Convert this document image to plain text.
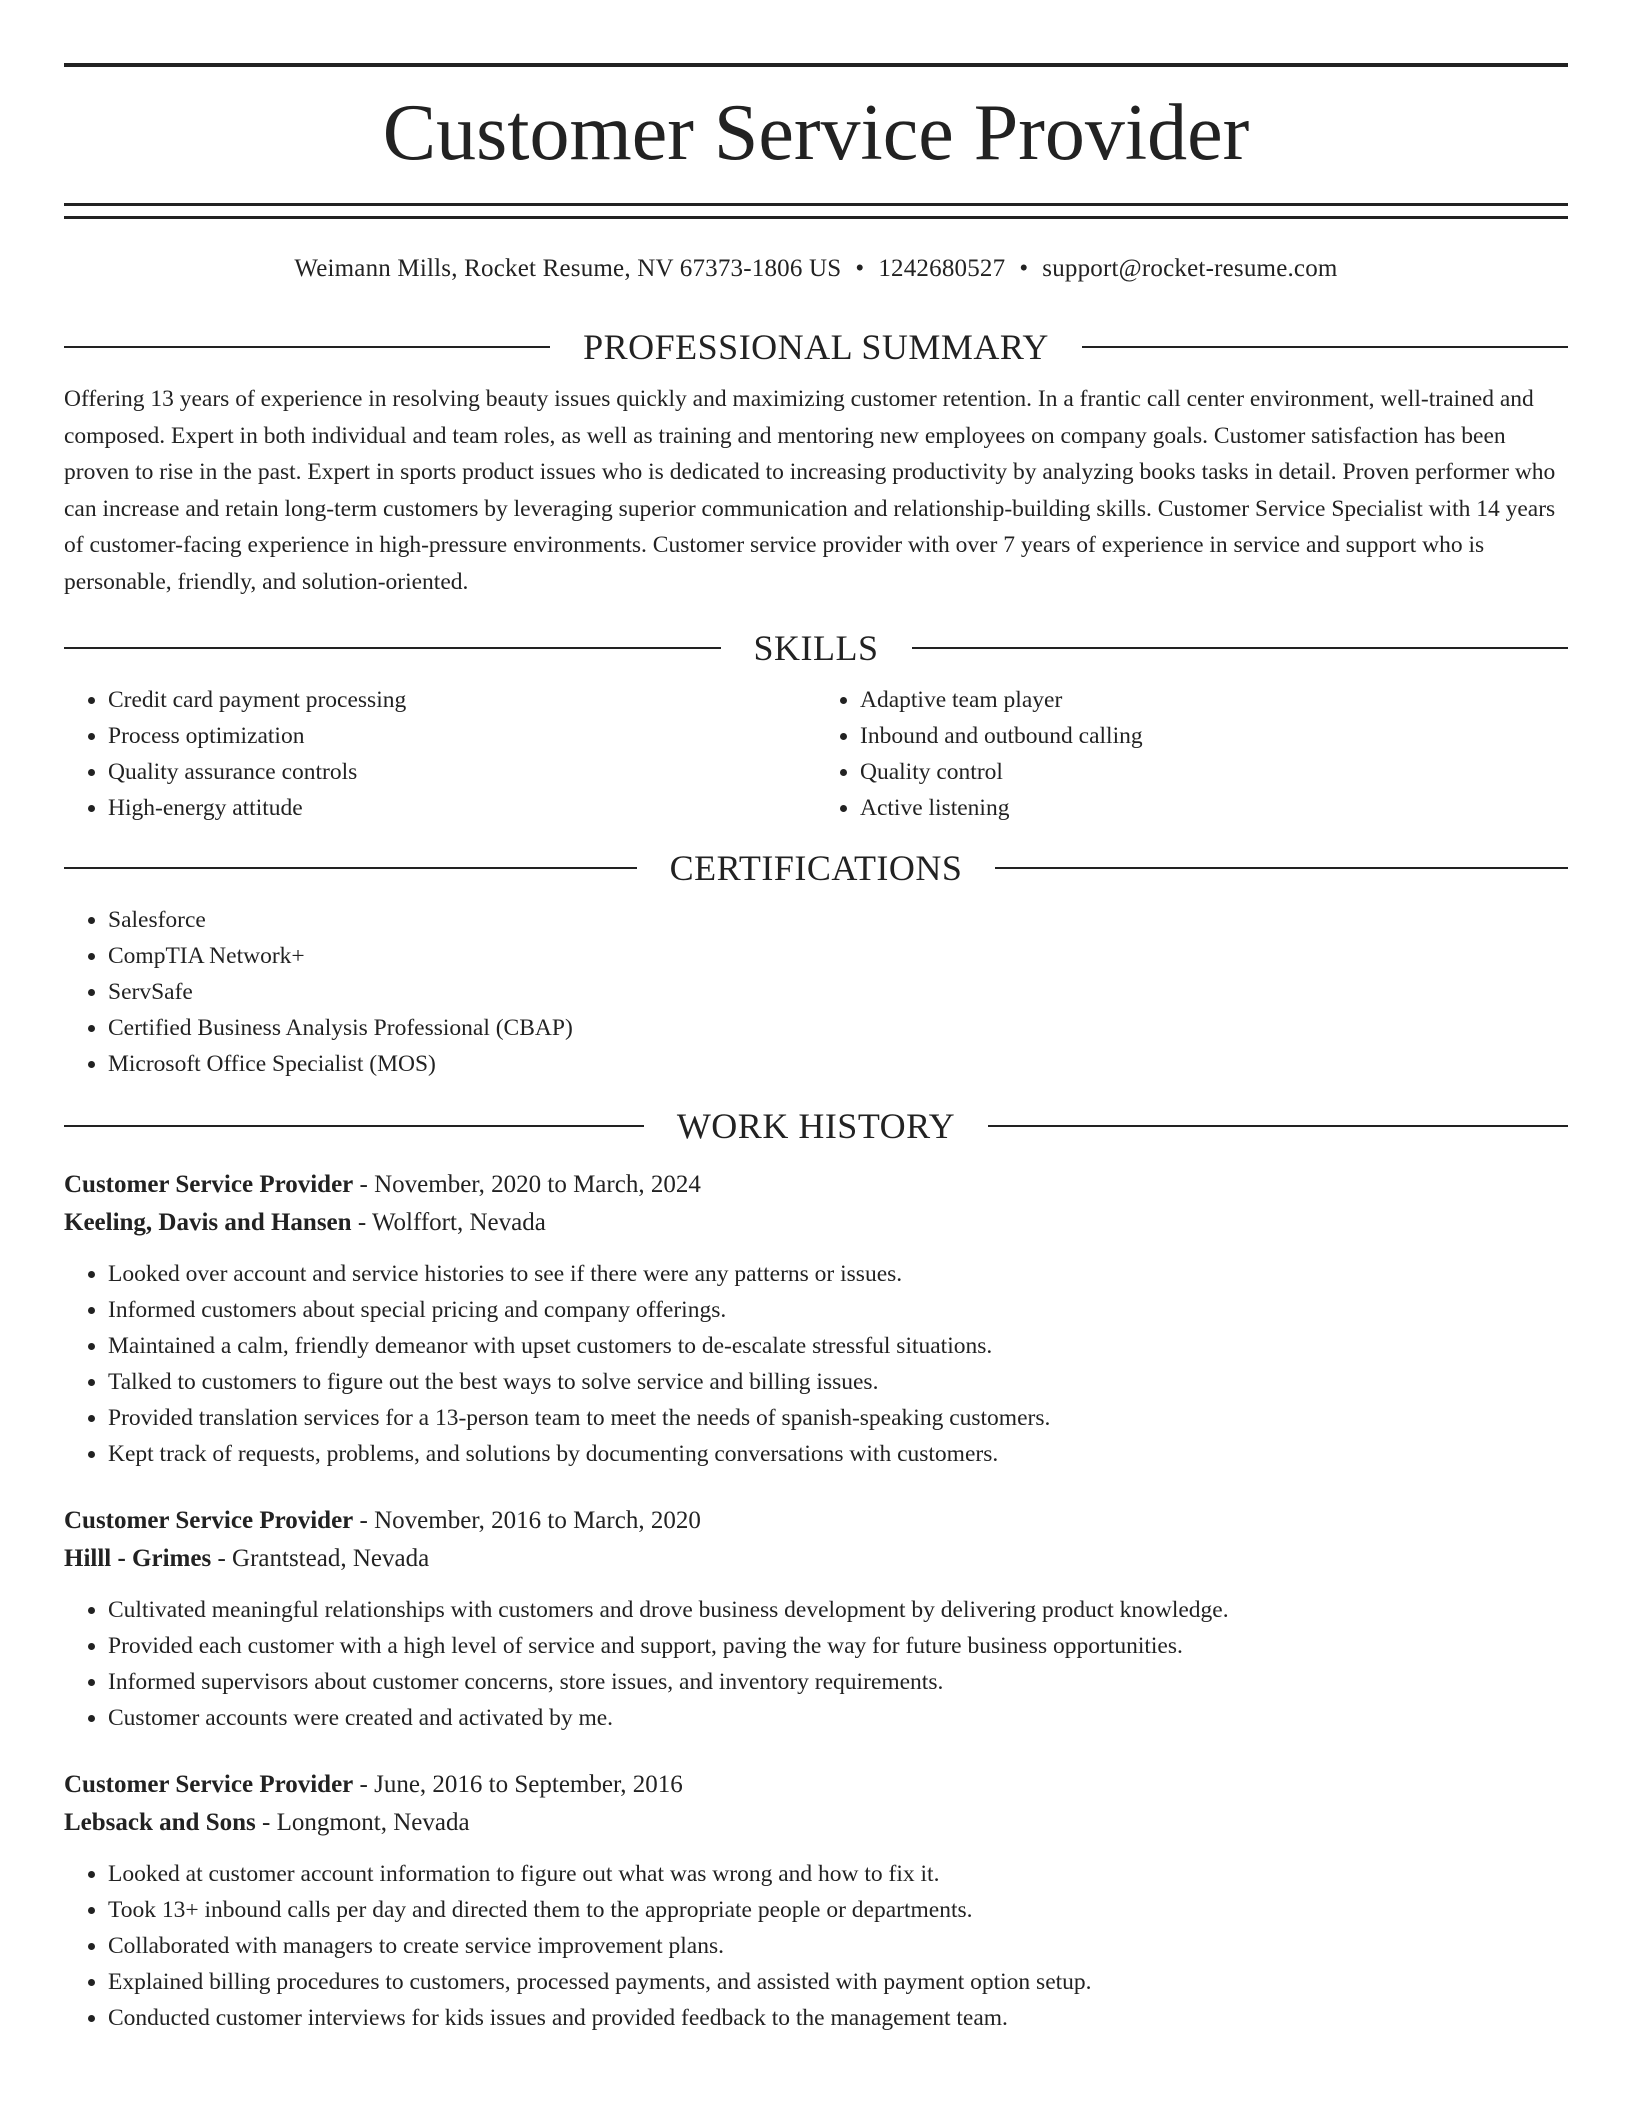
Customer Service Provider
Weimann Mills, Rocket Resume, NV 67373-1806 US • 1242680527 • support@rocket-resume.com
PROFESSIONAL SUMMARY

Offering 13 years of experience in resolving beauty issues quickly and maximizing customer retention. In a frantic call center environment, well-trained and composed. Expert in both individual and team roles, as well as training and mentoring new employees on company goals. Customer satisfaction has been proven to rise in the past. Expert in sports product issues who is dedicated to increasing productivity by analyzing books tasks in detail. Proven performer who can increase and retain long-term customers by leveraging superior communication and relationship-building skills. Customer Service Specialist with 14 years of customer-facing experience in high-pressure environments. Customer service provider with over 7 years of experience in service and support who is personable, friendly, and solution-oriented.

SKILLS
• Credit card payment processing
• Process optimization
• Quality assurance controls
• High-energy attitude
• Adaptive team player
• Inbound and outbound calling
• Quality control
• Active listening
CERTIFICATIONS
• Salesforce
• CompTIA Network+
• ServSafe
• Certified Business Analysis Professional (CBAP)
• Microsoft Office Specialist (MOS)
WORK HISTORY
Customer Service Provider - November, 2020 to March, 2024
Keeling, Davis and Hansen - Wolffort, Nevada
• Looked over account and service histories to see if there were any patterns or issues.
• Informed customers about special pricing and company offerings.
• Maintained a calm, friendly demeanor with upset customers to de-escalate stressful situations.
• Talked to customers to figure out the best ways to solve service and billing issues.
• Provided translation services for a 13-person team to meet the needs of spanish-speaking customers.
• Kept track of requests, problems, and solutions by documenting conversations with customers.
Customer Service Provider - November, 2016 to March, 2020
Hilll - Grimes - Grantstead, Nevada
• Cultivated meaningful relationships with customers and drove business development by delivering product knowledge.
• Provided each customer with a high level of service and support, paving the way for future business opportunities.
• Informed supervisors about customer concerns, store issues, and inventory requirements.
• Customer accounts were created and activated by me.
Customer Service Provider - June, 2016 to September, 2016
Lebsack and Sons - Longmont, Nevada
• Looked at customer account information to figure out what was wrong and how to fix it.
• Took 13+ inbound calls per day and directed them to the appropriate people or departments.
• Collaborated with managers to create service improvement plans.
• Explained billing procedures to customers, processed payments, and assisted with payment option setup.
• Conducted customer interviews for kids issues and provided feedback to the management team.
